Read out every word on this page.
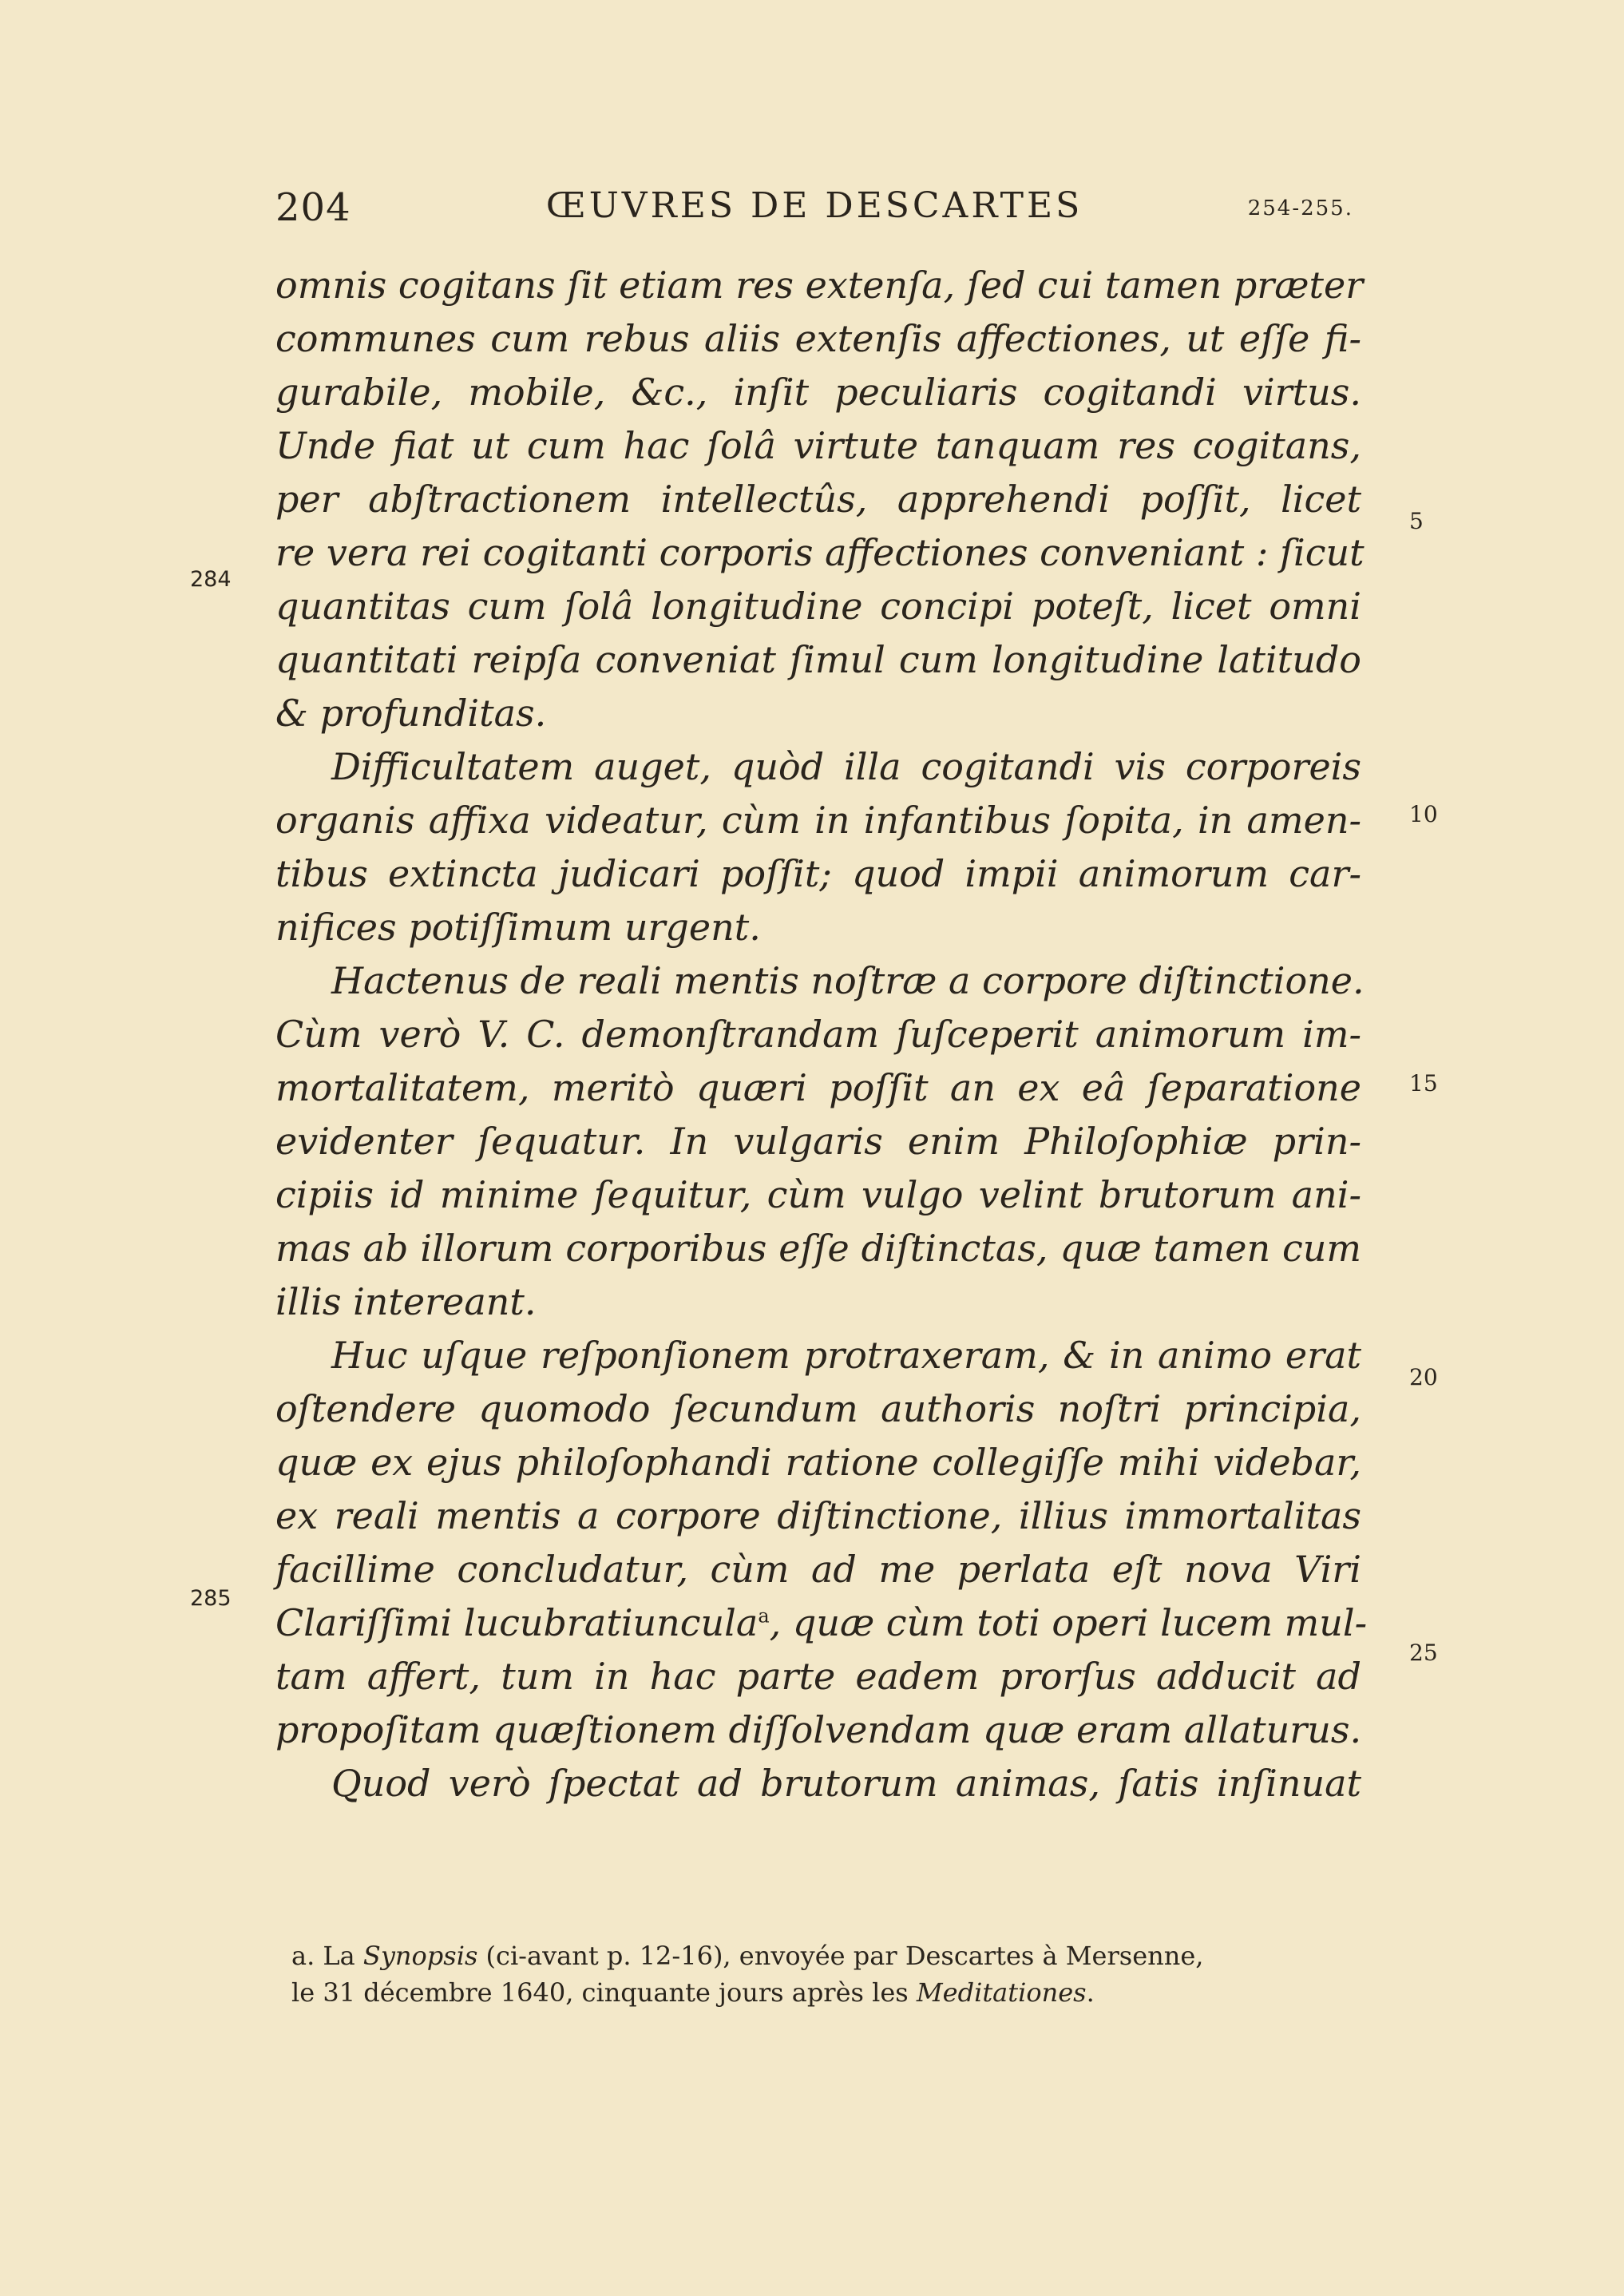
204	ŒUVRES DE DESCARTES	254-255.
omnis cogitans ſit etiam res extenſa, ſed cui tamen præter
communes cum rebus aliis extenſis affectiones, ut eſſe fi-
gurabile, mobile, &c., inſit peculiaris cogitandi virtus.
Unde fiat ut cum hac ſolâ virtute tanquam res cogitans,
per abſtractionem intellectûs, apprehendi poſſit, licet
re vera rei cogitanti corporis affectiones conveniant : ſicut
quantitas cum ſolâ longitudine concipi poteſt, licet omni
quantitati reipſa conveniat ſimul cum longitudine latitudo
& profunditas.
Difficultatem auget, quòd illa cogitandi vis corporeis
organis affixa videatur, cùm in infantibus ſopita, in amen-
tibus extincta judicari poſſit; quod impii animorum car-
nifices potiſſimum urgent.
Hactenus de reali mentis noſtræ a corpore diſtinctione.
Cùm verò V. C. demonſtrandam ſuſceperit animorum im-
mortalitatem, meritò quæri poſſit an ex eâ ſeparatione
evidenter ſequatur. In vulgaris enim Philoſophiæ prin-
cipiis id minime ſequitur, cùm vulgo velint brutorum ani-
mas ab illorum corporibus eſſe diſtinctas, quæ tamen cum
illis intereant.
Huc uſque reſponſionem protraxeram, & in animo erat
oſtendere quomodo ſecundum authoris noſtri principia,
quæ ex ejus philoſophandi ratione collegiſſe mihi videbar,
ex reali mentis a corpore diſtinctione, illius immortalitas
facillime concludatur, cùm ad me perlata eſt nova Viri
Clariſſimi lucubratiuncula$^a$, quæ cùm toti operi lucem mul-
tam affert, tum in hac parte eadem prorſus adducit ad
propoſitam quæſtionem diſſolvendam quæ eram allaturus.
Quod verò ſpectat ad brutorum animas, ſatis inſinuat
284
285
5
10
15
20
25
a. La Synopsis (ci-avant p. 12-16), envoyée par Descartes à Mersenne,
le 31 décembre 1640, cinquante jours après les Meditationes.
